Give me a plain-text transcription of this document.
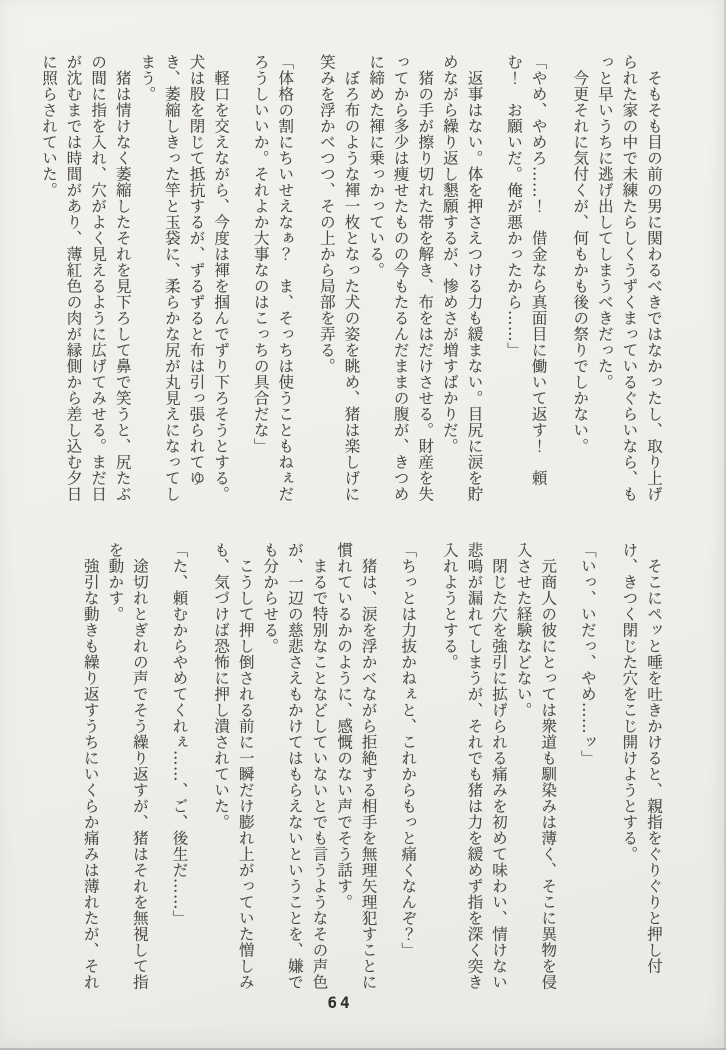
そもそも目の前の男に関わるべきではなかったし、取り上げられた家の中で未練たらしくうずくまっているぐらいなら、もっと早いうちに逃げ出してしまうべきだった。

今更それに気付くが、何もかも後の祭りでしかない。

「やめ、やめろ……！　借金なら真面目に働いて返す！　頼む！　お願いだ。俺が悪かったから……」

返事はない。体を押さえつける力も緩まない。目尻に涙を貯めながら繰り返し懇願するが、惨めさが増すばかりだ。

猪の手が擦り切れた帯を解き、布をはだけさせる。財産を失ってから多少は痩せたものの今もたるんだままの腹が、きつめに締めた褌に乗っかっている。

ぼろ布のような褌一枚となった犬の姿を眺め、猪は楽しげに笑みを浮かべつつ、その上から局部を弄る。

「体格の割にちいせえなぁ？　ま、そっちは使うこともねぇだろうしいいか。それよか大事なのはこっちの具合だな」

軽口を交えながら、今度は褌を掴んでずり下ろそうとする。

犬は股を閉じて抵抗するが、ずるずると布は引っ張られてゆき、萎縮しきった竿と玉袋に、柔らかな尻が丸見えになってしまう。

猪は情けなく萎縮したそれを見下ろして鼻で笑うと、尻たぶの間に指を入れ、穴がよく見えるように広げてみせる。まだ日が沈むまでは時間があり、薄紅色の肉が縁側から差し込む夕日に照らされていた。

そこにペッと唾を吐きかけると、親指をぐりぐりと押し付け、きつく閉じた穴をこじ開けようとする。

「いっ、いだっ、やめ……ッ」

元商人の彼にとっては衆道も馴染みは薄く、そこに異物を侵入させた経験などない。

閉じた穴を強引に拡げられる痛みを初めて味わい、情けない悲鳴が漏れてしまうが、それでも猪は力を緩めず指を深く突き入れようとする。

「ちっとは力抜かねぇと、これからもっと痛くなんぞ？」

猪は、涙を浮かべながら拒絶する相手を無理矢理犯すことに慣れているかのように、感慨のない声でそう話す。

まるで特別なことなどしていないとでも言うようなその声色が、一辺の慈悲さえもかけてはもらえないということを、嫌でも分からせる。

こうして押し倒される前に一瞬だけ膨れ上がっていた憎しみも、気づけば恐怖に押し潰されていた。

「た、頼むからやめてくれぇ……、ご、後生だ……」

途切れとぎれの声でそう繰り返すが、猪はそれを無視して指を動かす。

強引な動きも繰り返すうちにいくらか痛みは薄れたが、それ

64
